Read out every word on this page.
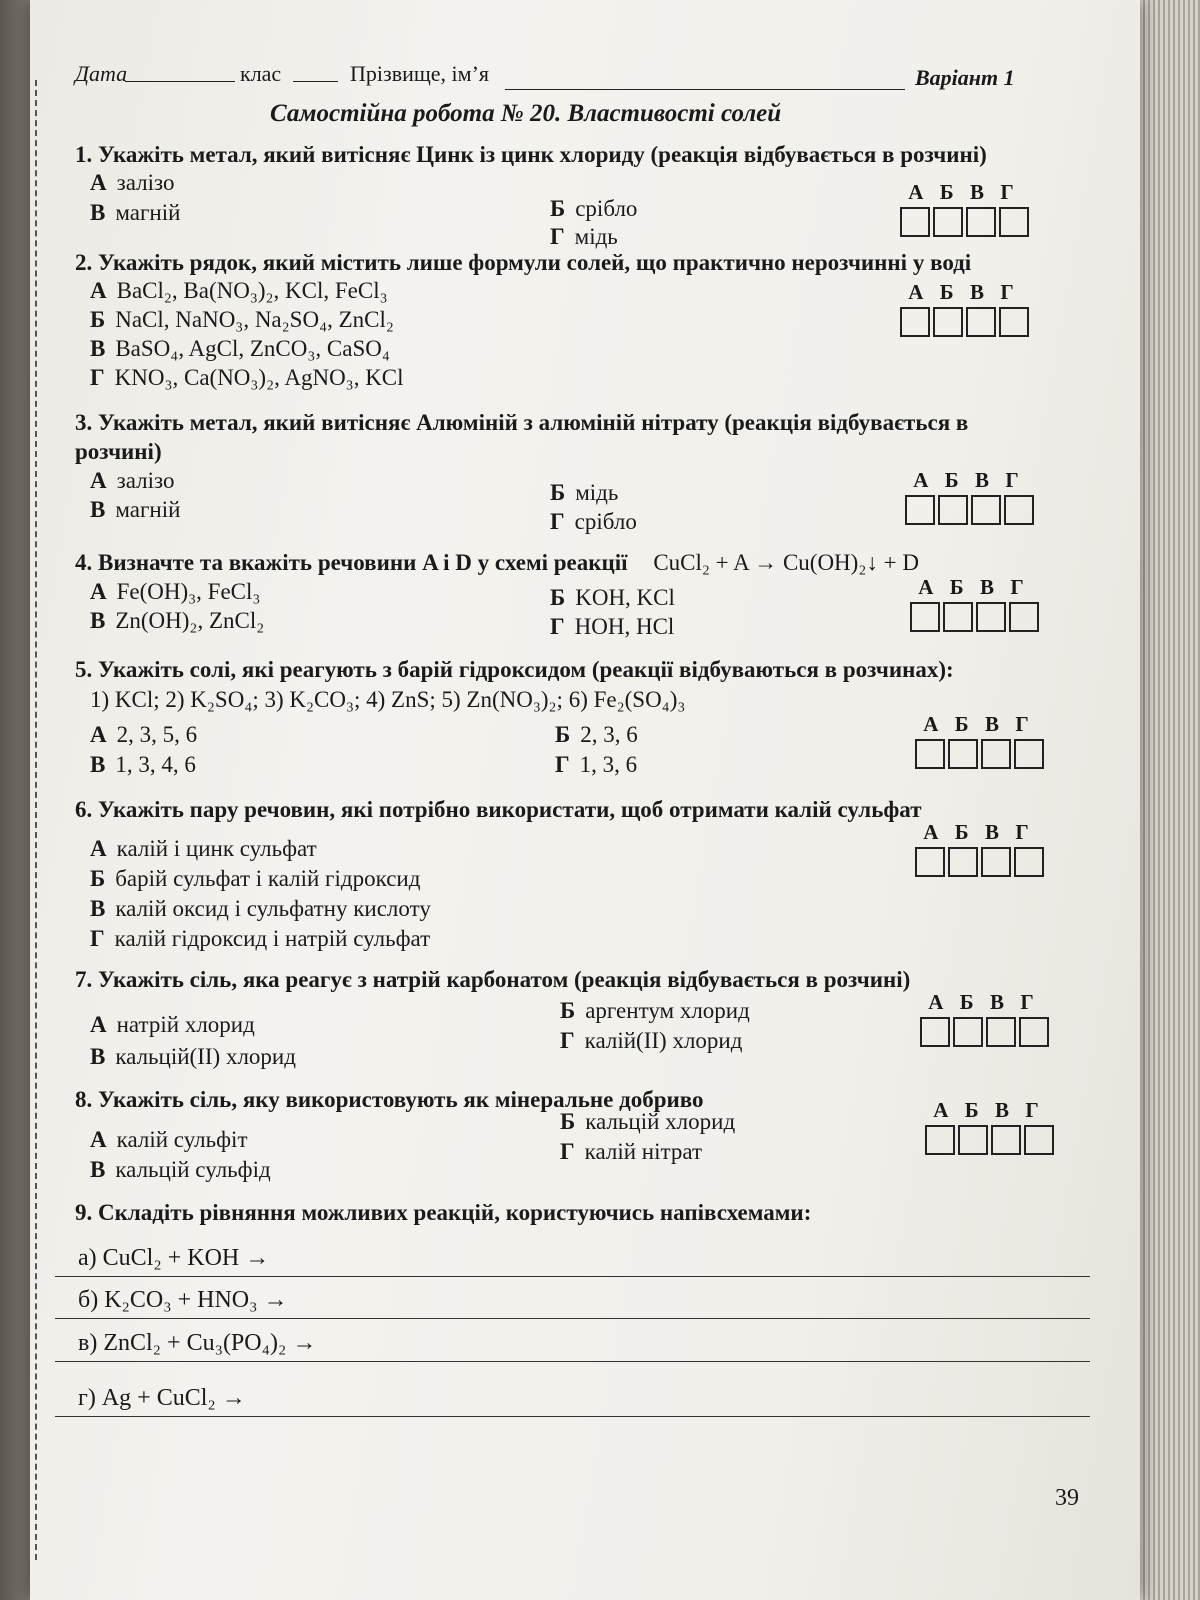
Дата	клас	Прізвище, ім’я	Варіант 1
Самостійна робота № 20. Властивості солей
1. Укажіть метал, який витісняє Цинк із цинк хлориду (реакція відбувається в розчині)
А залізо
В магній	Б срібло
Г мідь
А Б В Г
2. Укажіть рядок, який містить лише формули солей, що практично нерозчинні у воді
А BaCl₂, Ba(NO₃)₂, KCl, FeCl₃
Б NaCl, NaNO₃, Na₂SO₄, ZnCl₂
В BaSO₄, AgCl, ZnCO₃, CaSO₄
Г KNO₃, Ca(NO₃)₂, AgNO₃, KCl
А Б В Г
3. Укажіть метал, який витісняє Алюміній з алюміній нітрату (реакція відбувається в розчині)
А залізо
В магній
Б мідь
Г срібло
А Б В Г
4. Визначте та вкажіть речовини A і D у схемі реакції CuCl₂ + A → Cu(OH)₂↓ + D
А Fe(OH)₃, FeCl₃
В Zn(OH)₂, ZnCl₂
Б KOH, KCl
Г HOH, HCl
А Б В Г
5. Укажіть солі, які реагують з барій гідроксидом (реакції відбуваються в розчинах):
1) KCl; 2) K₂SO₄; 3) K₂CO₃; 4) ZnS; 5) Zn(NO₃)₂; 6) Fe₂(SO₄)₃
А 2, 3, 5, 6
В 1, 3, 4, 6
Б 2, 3, 6
Г 1, 3, 6
А Б В Г
6. Укажіть пару речовин, які потрібно використати, щоб отримати калій сульфат
А калій і цинк сульфат
Б барій сульфат і калій гідроксид
В калій оксид і сульфатну кислоту
Г калій гідроксид і натрій сульфат
А Б В Г
7. Укажіть сіль, яка реагує з натрій карбонатом (реакція відбувається в розчині)
А натрій хлорид
В кальцій(II) хлорид
Б аргентум хлорид
Г калій(II) хлорид
А Б В Г
8. Укажіть сіль, яку використовують як мінеральне добриво
А калій сульфіт
В кальцій сульфід
Б кальцій хлорид
Г калій нітрат
А Б В Г
9. Складіть рівняння можливих реакцій, користуючись напівсхемами:
а) CuCl₂ + KOH →
б) K₂CO₃ + HNO₃ →
в) ZnCl₂ + Cu₃(PO₄)₂ →
г) Ag + CuCl₂ →
39
